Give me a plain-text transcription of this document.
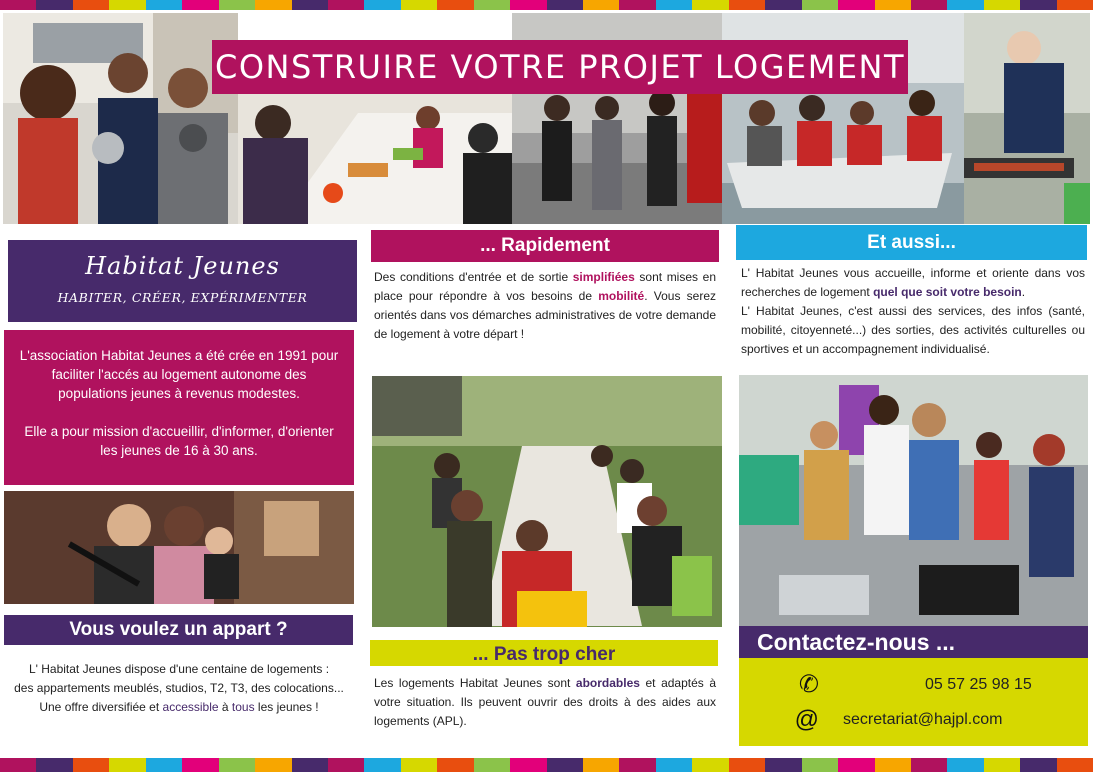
CONSTRUIRE VOTRE PROJET LOGEMENT
Habitat Jeunes
HABITER, CRÉER, EXPÉRIMENTER

L'association Habitat Jeunes a été crée en 1991 pour faciliter l'accés au logement autonome des populations jeunes à revenus modestes.

Elle a pour mission d'accueillir, d'informer, d'orienter les jeunes de 16 à 30 ans.

Vous voulez un appart ?
L' Habitat Jeunes dispose d'une centaine de logements :
des appartements meublés, studios, T2, T3, des colocations...
Une offre diversifiée et accessible à tous les jeunes !
... Rapidement
Des conditions d'entrée et de sortie simplifiées sont mises en place pour répondre à vos besoins de mobilité. Vous serez orientés dans vos démarches administratives de votre demande de logement à votre départ !
... Pas trop cher
Les logements Habitat Jeunes sont abordables et adaptés à votre situation. Ils peuvent ouvrir des droits à des aides aux logements (APL).
Et aussi...
L' Habitat Jeunes vous accueille, informe et oriente dans vos recherches de logement quel que soit votre besoin.
L' Habitat Jeunes, c'est aussi des services, des infos (santé, mobilité, citoyenneté...) des sorties, des activités culturelles ou sportives et un accompagnement individualisé.
Contactez-nous ...
✆	05 57 25 98 15
@ secretariat@hajpl.com
